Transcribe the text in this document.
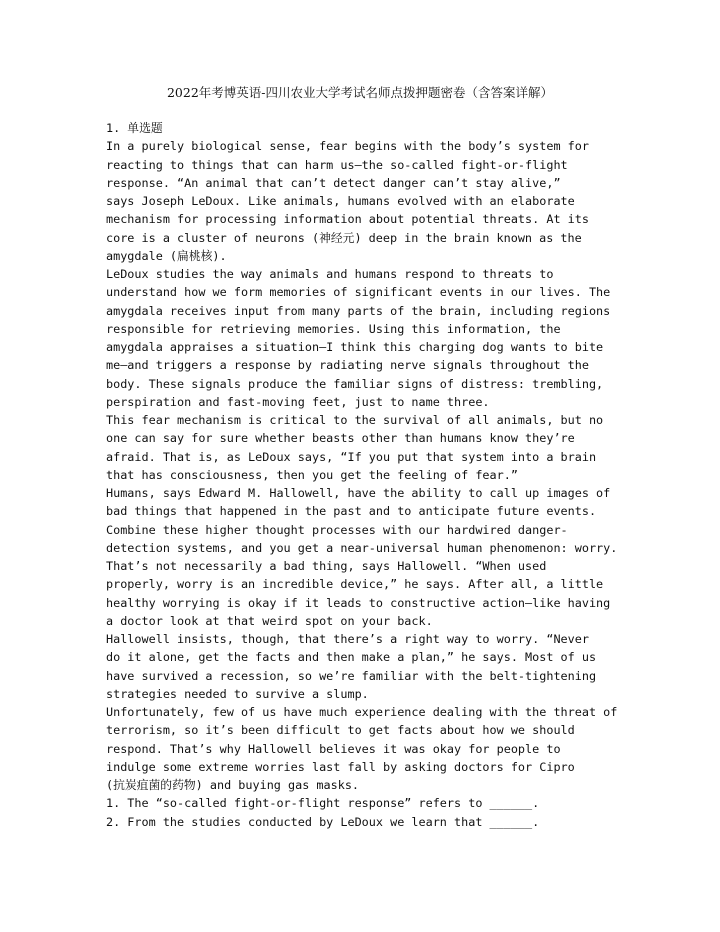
2022年考博英语-四川农业大学考试名师点拨押题密卷（含答案详解）
1. 单选题
In a purely biological sense, fear begins with the body’s system for
reacting to things that can harm us—the so-called fight-or-flight
response. “An animal that can’t detect danger can’t stay alive,”
says Joseph LeDoux. Like animals, humans evolved with an elaborate
mechanism for processing information about potential threats. At its
core is a cluster of neurons (神经元) deep in the brain known as the
amygdale (扁桃核).
LeDoux studies the way animals and humans respond to threats to
understand how we form memories of significant events in our lives. The
amygdala receives input from many parts of the brain, including regions
responsible for retrieving memories. Using this information, the
amygdala appraises a situation—I think this charging dog wants to bite
me—and triggers a response by radiating nerve signals throughout the
body. These signals produce the familiar signs of distress: trembling,
perspiration and fast-moving feet, just to name three.
This fear mechanism is critical to the survival of all animals, but no
one can say for sure whether beasts other than humans know they’re
afraid. That is, as LeDoux says, “If you put that system into a brain
that has consciousness, then you get the feeling of fear.”
Humans, says Edward M. Hallowell, have the ability to call up images of
bad things that happened in the past and to anticipate future events.
Combine these higher thought processes with our hardwired danger-
detection systems, and you get a near-universal human phenomenon: worry.
That’s not necessarily a bad thing, says Hallowell. “When used
properly, worry is an incredible device,” he says. After all, a little
healthy worrying is okay if it leads to constructive action—like having
a doctor look at that weird spot on your back.
Hallowell insists, though, that there’s a right way to worry. “Never
do it alone, get the facts and then make a plan,” he says. Most of us
have survived a recession, so we’re familiar with the belt-tightening
strategies needed to survive a slump.
Unfortunately, few of us have much experience dealing with the threat of
terrorism, so it’s been difficult to get facts about how we should
respond. That’s why Hallowell believes it was okay for people to
indulge some extreme worries last fall by asking doctors for Cipro
(抗炭疽菌的药物) and buying gas masks.
1. The “so-called fight-or-flight response” refers to ______.
2. From the studies conducted by LeDoux we learn that ______.
